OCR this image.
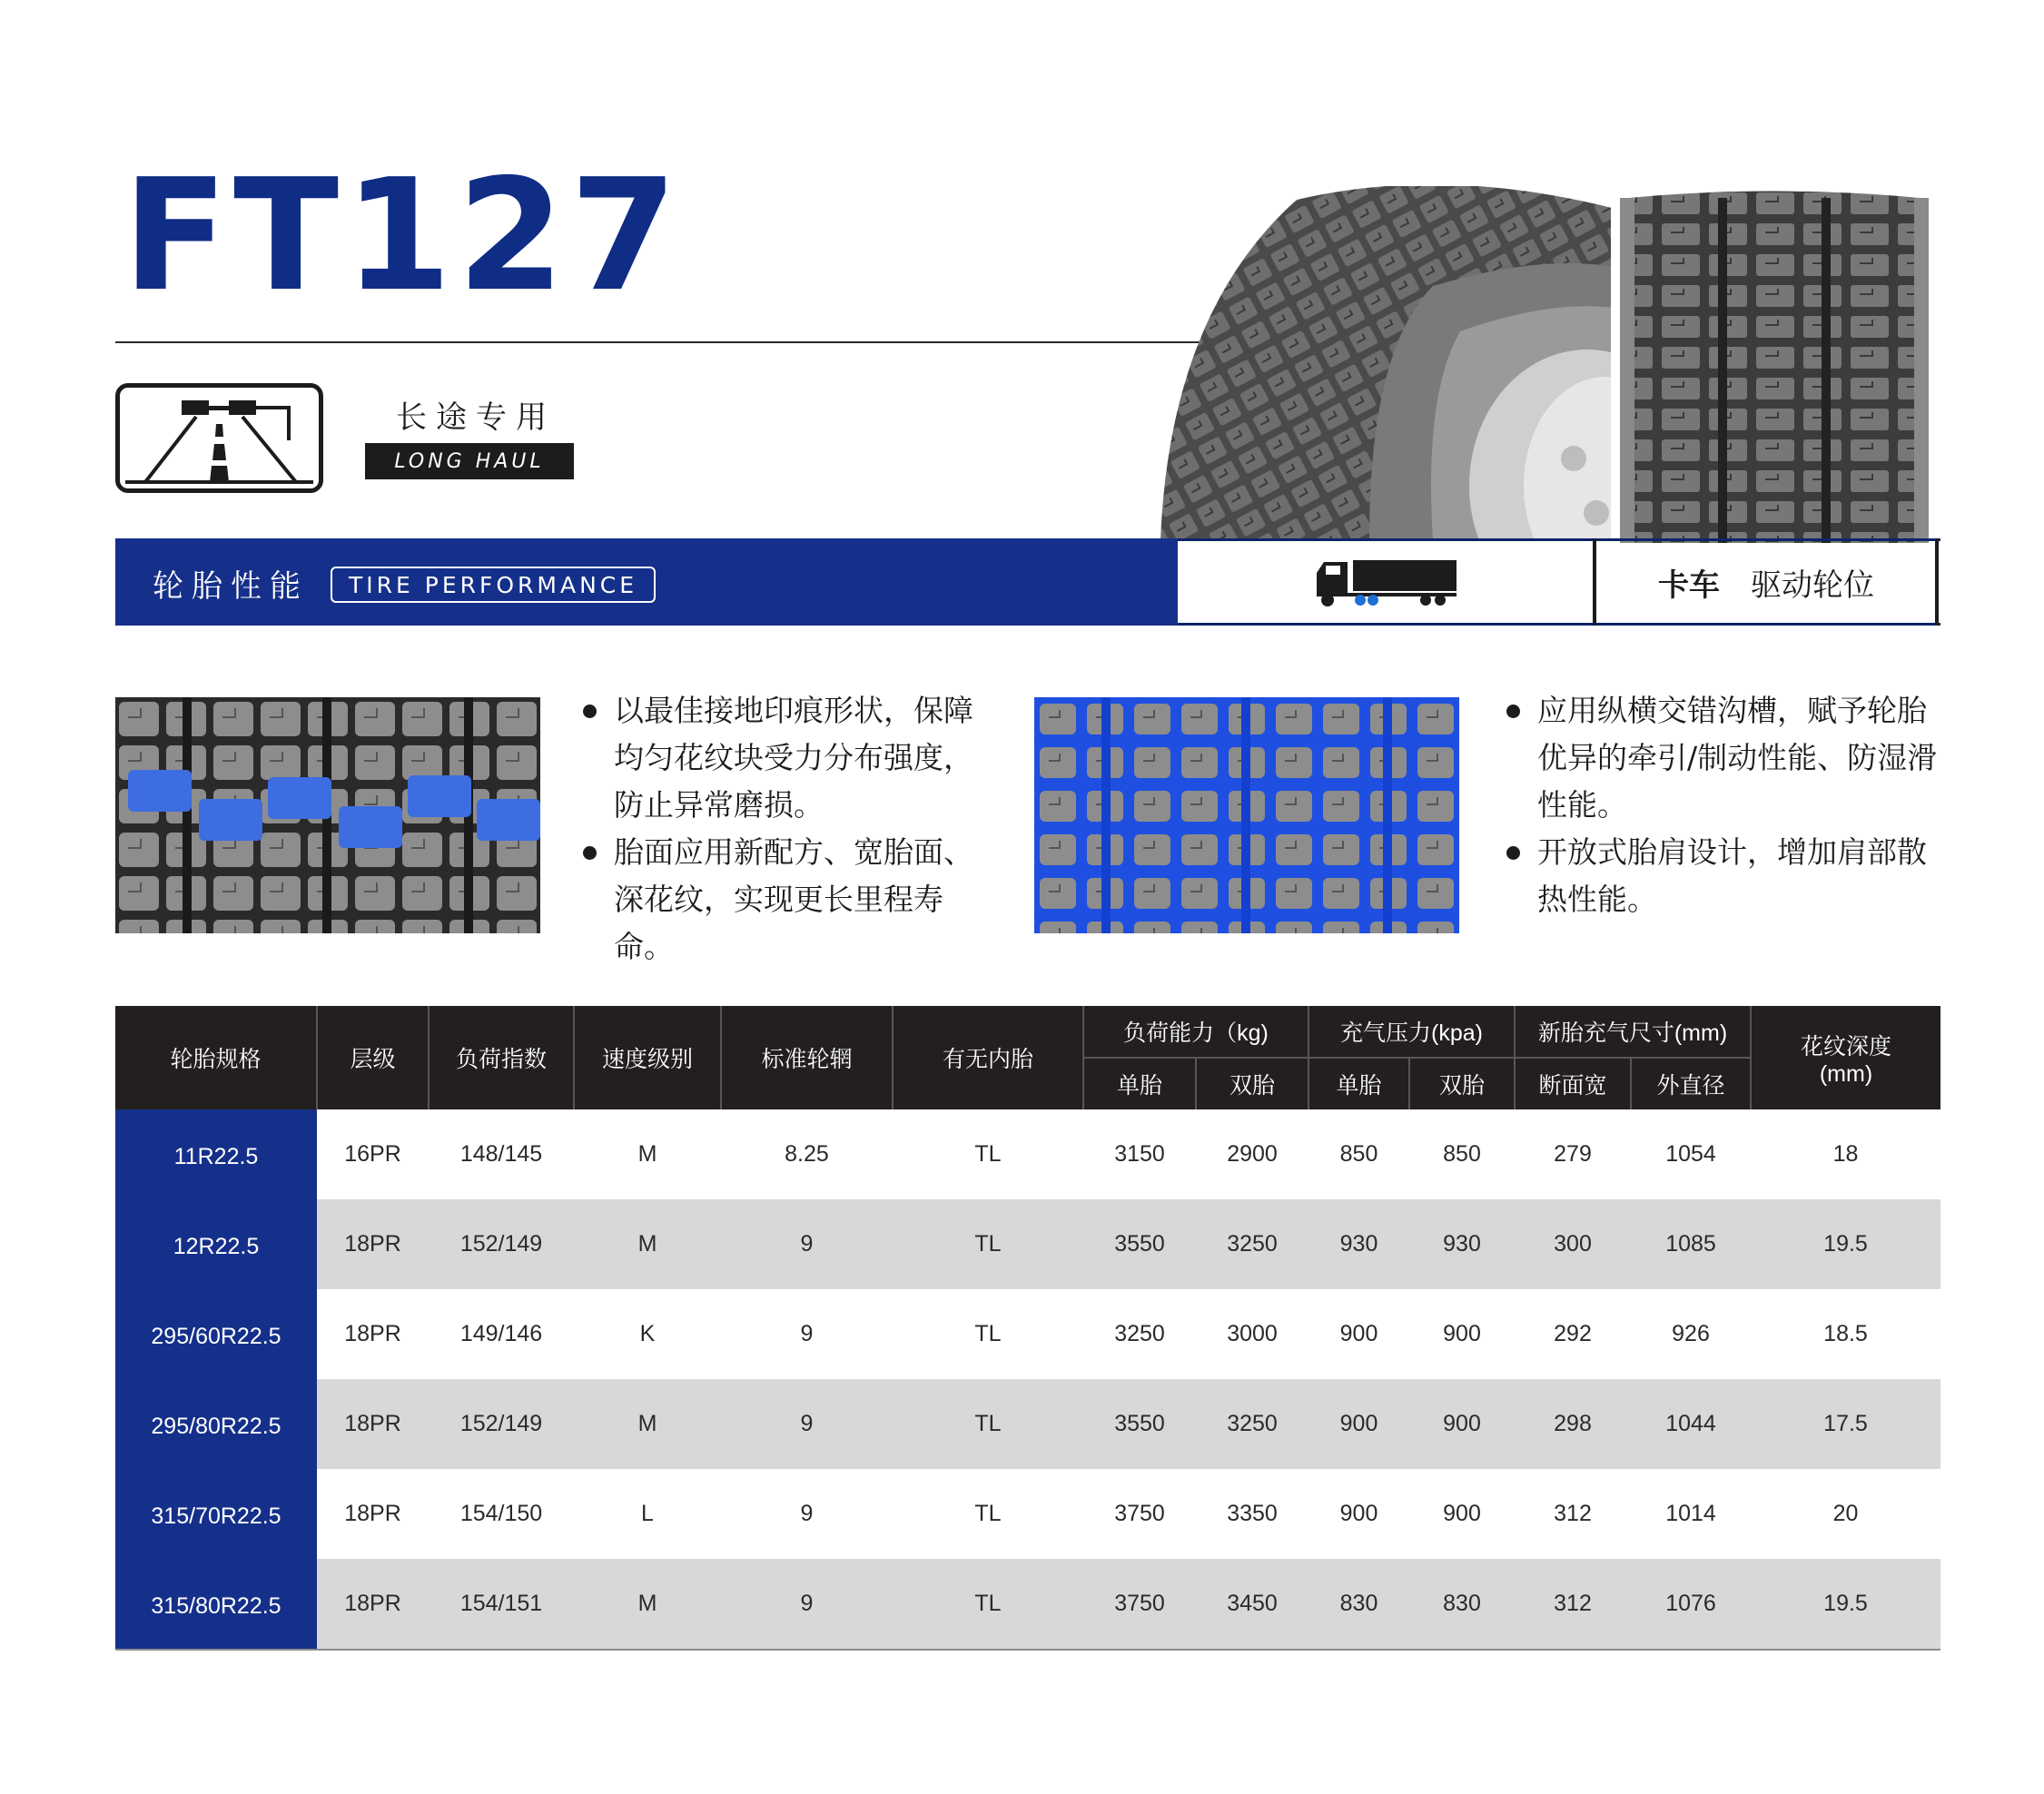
FT127
长途专用
LONG HAUL
轮胎性能	TIRE PERFORMANCE	卡车 驱动轮位
以最佳接地印痕形状，保障均匀花纹块受力分布强度，防止异常磨损。
胎面应用新配方、宽胎面、深花纹，实现更长里程寿命。
应用纵横交错沟槽，赋予轮胎优异的牵引/制动性能、防湿滑性能。
开放式胎肩设计，增加肩部散热性能。
轮胎规格	层级	负荷指数	速度级别	标准轮辋	有无内胎	负荷能力（kg)		充气压力(kpa)		新胎充气尺寸(mm)		花纹深度
(mm)

						单胎	双胎	单胎	双胎	断面宽	外直径	
11R22.5	16PR	148/145	M	8.25	TL	3150	2900	850	850	279	1054	18
12R22.5	18PR	152/149	M	9	TL	3550	3250	930	930	300	1085	19.5
295/60R22.5	18PR	149/146	K	9	TL	3250	3000	900	900	292	926	18.5
295/80R22.5	18PR	152/149	M	9	TL	3550	3250	900	900	298	1044	17.5
315/70R22.5	18PR	154/150	L	9	TL	3750	3350	900	900	312	1014	20
315/80R22.5	18PR	154/151	M	9	TL	3750	3450	830	830	312	1076	19.5
